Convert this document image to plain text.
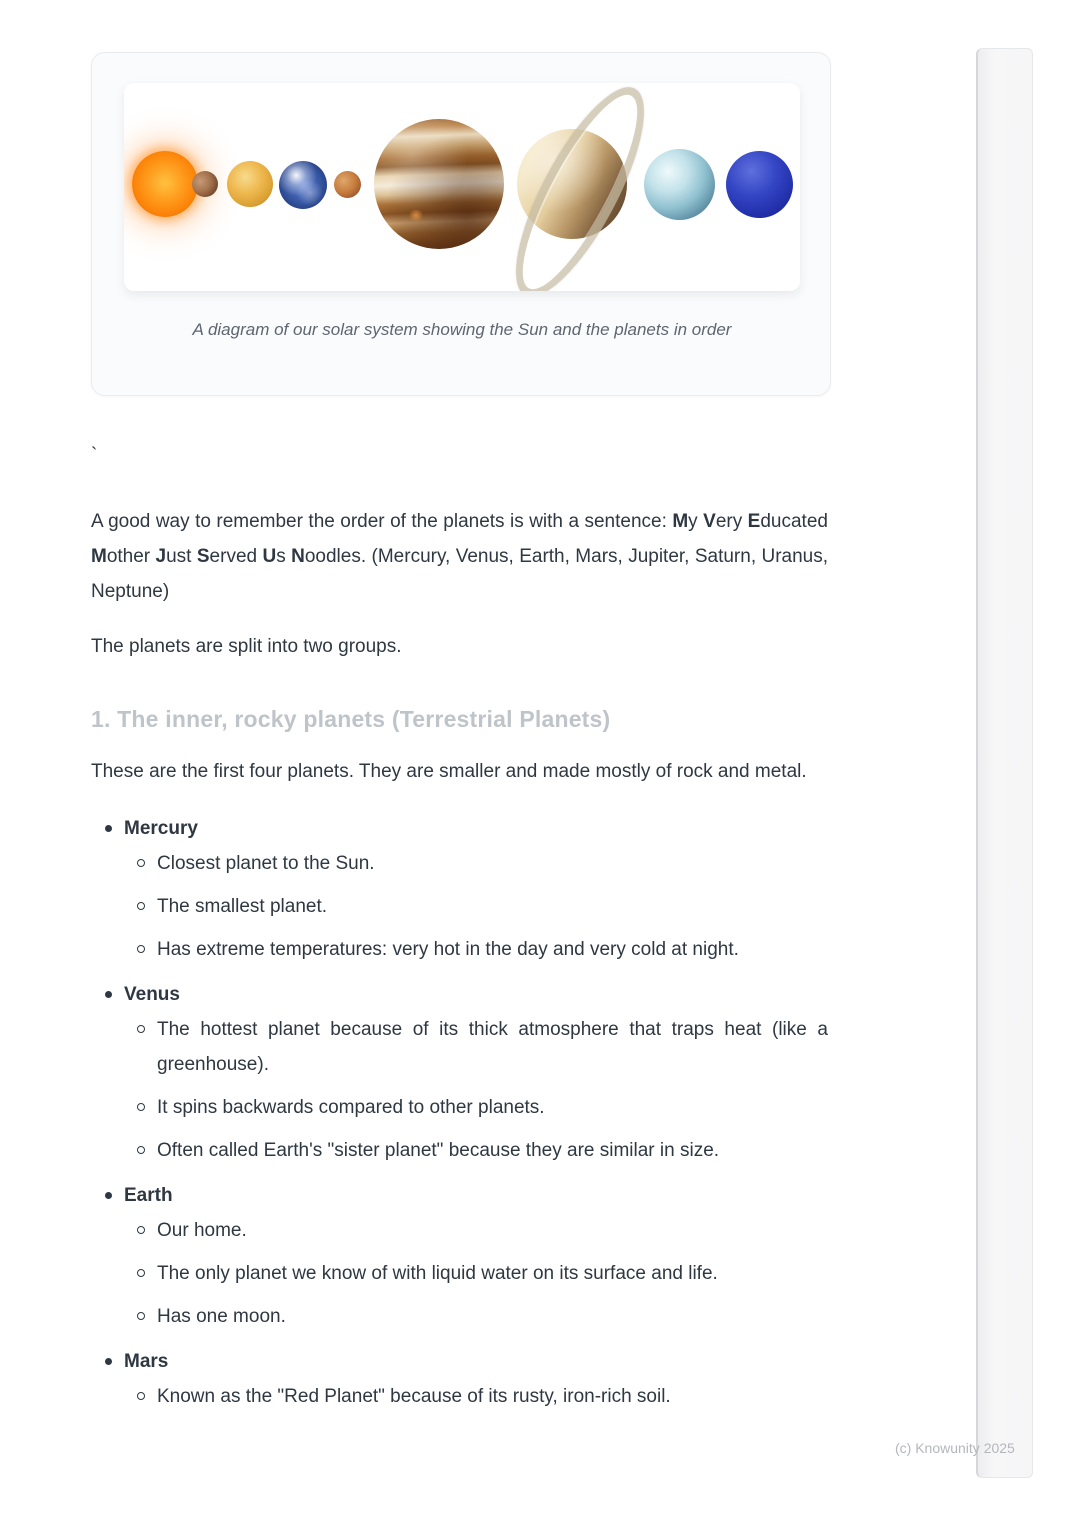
A diagram of our solar system showing the Sun and the planets in order

`

A good way to remember the order of the planets is with a sentence: My Very Educated Mother Just Served Us Noodles. (Mercury, Venus, Earth, Mars, Jupiter, Saturn, Uranus, Neptune)

The planets are split into two groups.

1. The inner, rocky planets (Terrestrial Planets)

These are the first four planets. They are smaller and made mostly of rock and metal.

Mercury
Closest planet to the Sun.
The smallest planet.
Has extreme temperatures: very hot in the day and very cold at night.
Venus
The hottest planet because of its thick atmosphere that traps heat (like a greenhouse).
It spins backwards compared to other planets.
Often called Earth's "sister planet" because they are similar in size.
Earth
Our home.
The only planet we know of with liquid water on its surface and life.
Has one moon.
Mars
Known as the "Red Planet" because of its rusty, iron-rich soil.
(c) Knowunity 2025
